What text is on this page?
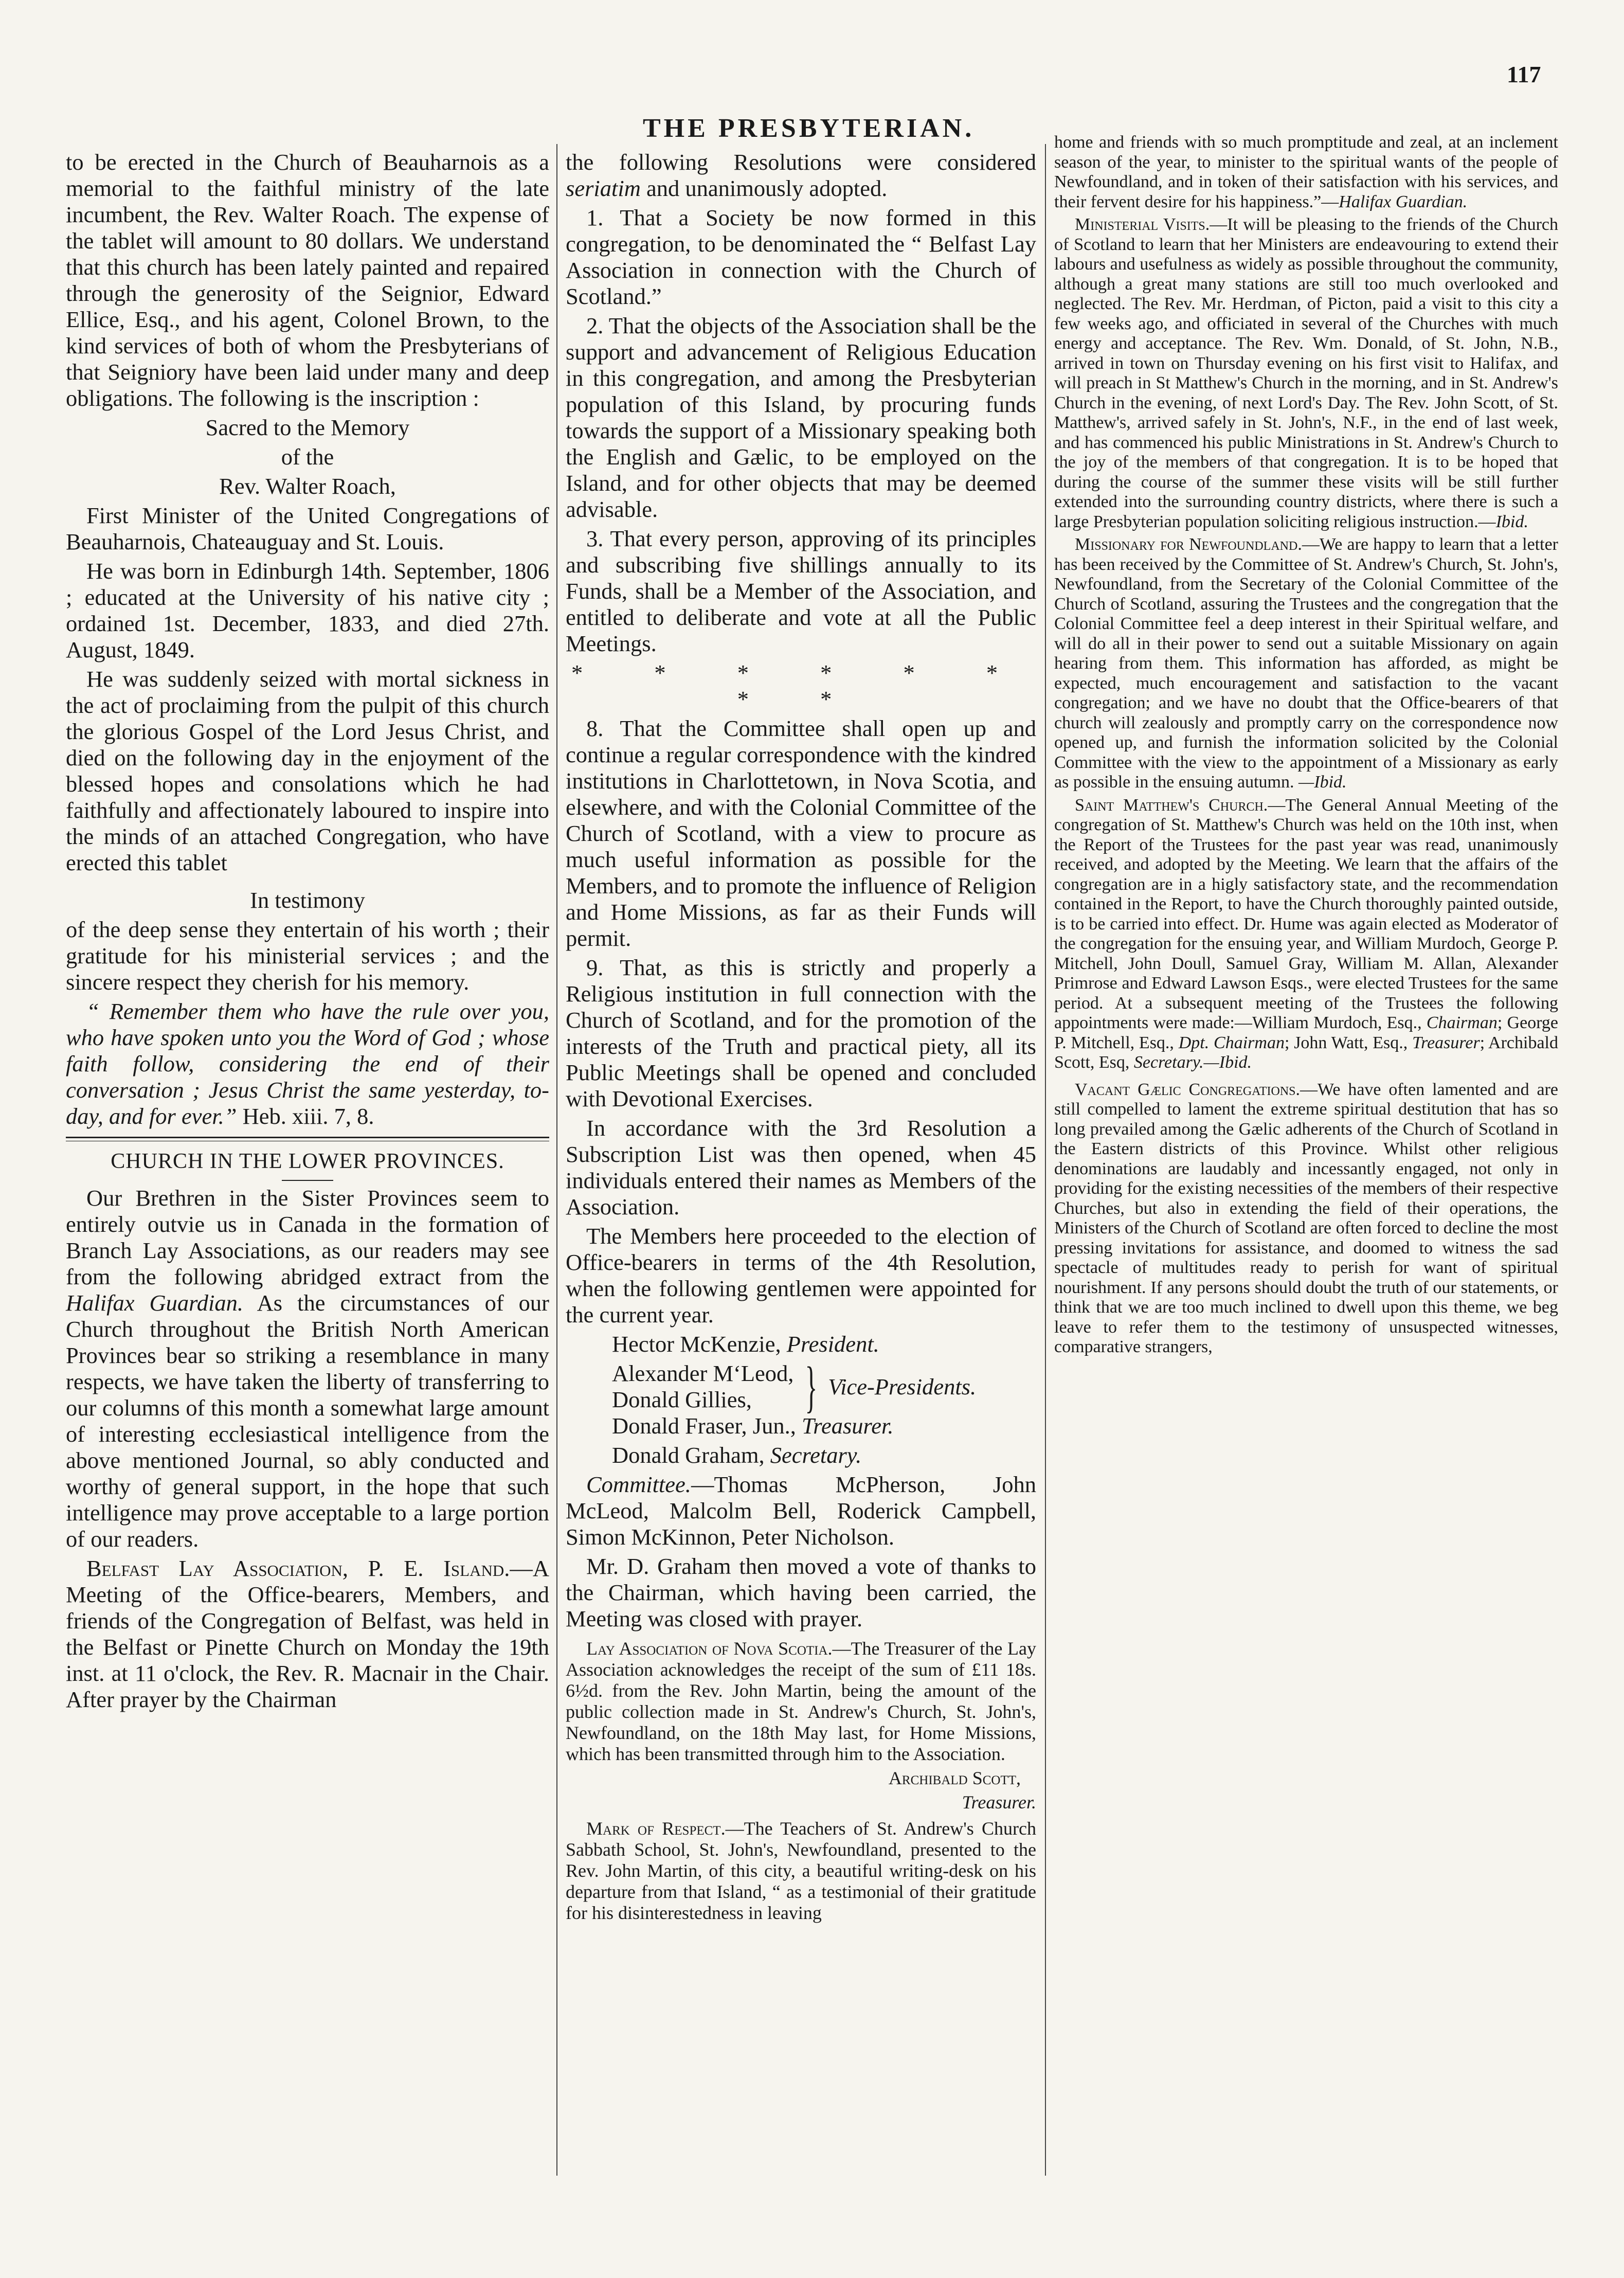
117
THE PRESBYTERIAN.

to be erected in the Church of Beauharnois as a memorial to the faithful ministry of the late incumbent, the Rev. Walter Roach. The expense of the tablet will amount to 80 dollars. We understand that this church has been lately painted and repaired through the generosity of the Seignior, Edward Ellice, Esq., and his agent, Colonel Brown, to the kind services of both of whom the Presbyterians of that Seigniory have been laid under many and deep obligations. The following is the inscription :

Sacred to the Memory

of the

Rev. Walter Roach,

First Minister of the United Congregations of Beauharnois, Chateauguay and St. Louis.

He was born in Edinburgh 14th. September, 1806 ; educated at the University of his native city ; ordained 1st. December, 1833, and died 27th. August, 1849.

He was suddenly seized with mortal sickness in the act of proclaiming from the pulpit of this church the glorious Gospel of the Lord Jesus Christ, and died on the following day in the enjoyment of the blessed hopes and consolations which he had faithfully and affectionately laboured to inspire into the minds of an attached Congregation, who have erected this tablet

In testimony

of the deep sense they entertain of his worth ; their gratitude for his ministerial services ; and the sincere respect they cherish for his memory.

“ Remember them who have the rule over you, who have spoken unto you the Word of God ; whose faith follow, considering the end of their conversation ; Jesus Christ the same yesterday, to-day, and for ever.” Heb. xiii. 7, 8.

CHURCH IN THE LOWER PROVINCES.

Our Brethren in the Sister Provinces seem to entirely outvie us in Canada in the formation of Branch Lay Associations, as our readers may see from the following abridged extract from the Halifax Guardian. As the circumstances of our Church throughout the British North American Provinces bear so striking a resemblance in many respects, we have taken the liberty of transferring to our columns of this month a somewhat large amount of interesting ecclesiastical intelligence from the above mentioned Journal, so ably conducted and worthy of general support, in the hope that such intelligence may prove acceptable to a large portion of our readers.

Belfast Lay Association, P. E. Island.—A Meeting of the Office-bearers, Members, and friends of the Congregation of Belfast, was held in the Belfast or Pinette Church on Monday the 19th inst. at 11 o'clock, the Rev. R. Macnair in the Chair. After prayer by the Chairman

the following Resolutions were considered seriatim and unanimously adopted.

1. That a Society be now formed in this congregation, to be denominated the “ Belfast Lay Association in connection with the Church of Scotland.”

2. That the objects of the Association shall be the support and advancement of Religious Education in this congregation, and among the Presbyterian population of this Island, by procuring funds towards the support of a Missionary speaking both the English and Gælic, to be employed on the Island, and for other objects that may be deemed advisable.

3. That every person, approving of its principles and subscribing five shillings annually to its Funds, shall be a Member of the Association, and entitled to deliberate and vote at all the Public Meetings.

* * * * * * * *

8. That the Committee shall open up and continue a regular correspondence with the kindred institutions in Charlottetown, in Nova Scotia, and elsewhere, and with the Colonial Committee of the Church of Scotland, with a view to procure as much useful information as possible for the Members, and to promote the influence of Religion and Home Missions, as far as their Funds will permit.

9. That, as this is strictly and properly a Religious institution in full connection with the Church of Scotland, and for the promotion of the interests of the Truth and practical piety, all its Public Meetings shall be opened and concluded with Devotional Exercises.

In accordance with the 3rd Resolution a Subscription List was then opened, when 45 individuals entered their names as Members of the Association.

The Members here proceeded to the election of Office-bearers in terms of the 4th Resolution, when the following gentlemen were appointed for the current year.

Hector McKenzie, President.

Alexander M‘Leod,
Donald Gillies, } Vice-Presidents.

Donald Fraser, Jun., Treasurer.

Donald Graham, Secretary.

Committee.—Thomas McPherson, John McLeod, Malcolm Bell, Roderick Campbell, Simon McKinnon, Peter Nicholson.

Mr. D. Graham then moved a vote of thanks to the Chairman, which having been carried, the Meeting was closed with prayer.

Lay Association of Nova Scotia.—The Treasurer of the Lay Association acknowledges the receipt of the sum of £11 18s. 6½d. from the Rev. John Martin, being the amount of the public collection made in St. Andrew's Church, St. John's, Newfoundland, on the 18th May last, for Home Missions, which has been transmitted through him to the Association.

Archibald Scott,

Treasurer.

Mark of Respect.—The Teachers of St. Andrew's Church Sabbath School, St. John's, Newfoundland, presented to the Rev. John Martin, of this city, a beautiful writing-desk on his departure from that Island, “ as a testimonial of their gratitude for his disinterestedness in leaving

home and friends with so much promptitude and zeal, at an inclement season of the year, to minister to the spiritual wants of the people of Newfoundland, and in token of their satisfaction with his services, and their fervent desire for his happiness.”—Halifax Guardian.

Ministerial Visits.—It will be pleasing to the friends of the Church of Scotland to learn that her Ministers are endeavouring to extend their labours and usefulness as widely as possible throughout the community, although a great many stations are still too much overlooked and neglected. The Rev. Mr. Herdman, of Picton, paid a visit to this city a few weeks ago, and officiated in several of the Churches with much energy and acceptance. The Rev. Wm. Donald, of St. John, N.B., arrived in town on Thursday evening on his first visit to Halifax, and will preach in St Matthew's Church in the morning, and in St. Andrew's Church in the evening, of next Lord's Day. The Rev. John Scott, of St. Matthew's, arrived safely in St. John's, N.F., in the end of last week, and has commenced his public Ministrations in St. Andrew's Church to the joy of the members of that congregation. It is to be hoped that during the course of the summer these visits will be still further extended into the surrounding country districts, where there is such a large Presbyterian population soliciting religious instruction.—Ibid.

Missionary for Newfoundland.—We are happy to learn that a letter has been received by the Committee of St. Andrew's Church, St. John's, Newfoundland, from the Secretary of the Colonial Committee of the Church of Scotland, assuring the Trustees and the congregation that the Colonial Committee feel a deep interest in their Spiritual welfare, and will do all in their power to send out a suitable Missionary on again hearing from them. This information has afforded, as might be expected, much encouragement and satisfaction to the vacant congregation; and we have no doubt that the Office-bearers of that church will zealously and promptly carry on the correspondence now opened up, and furnish the information solicited by the Colonial Committee with the view to the appointment of a Missionary as early as possible in the ensuing autumn. —Ibid.

Saint Matthew's Church.—The General Annual Meeting of the congregation of St. Matthew's Church was held on the 10th inst, when the Report of the Trustees for the past year was read, unanimously received, and adopted by the Meeting. We learn that the affairs of the congregation are in a higly satisfactory state, and the recommendation contained in the Report, to have the Church thoroughly painted outside, is to be carried into effect. Dr. Hume was again elected as Moderator of the congregation for the ensuing year, and William Murdoch, George P. Mitchell, John Doull, Samuel Gray, William M. Allan, Alexander Primrose and Edward Lawson Esqs., were elected Trustees for the same period. At a subsequent meeting of the Trustees the following appointments were made:—William Murdoch, Esq., Chairman; George P. Mitchell, Esq., Dpt. Chairman; John Watt, Esq., Treasurer; Archibald Scott, Esq, Secretary.—Ibid.

Vacant Gælic Congregations.—We have often lamented and are still compelled to lament the extreme spiritual destitution that has so long prevailed among the Gælic adherents of the Church of Scotland in the Eastern districts of this Province. Whilst other religious denominations are laudably and incessantly engaged, not only in providing for the existing necessities of the members of their respective Churches, but also in extending the field of their operations, the Ministers of the Church of Scotland are often forced to decline the most pressing invitations for assistance, and doomed to witness the sad spectacle of multitudes ready to perish for want of spiritual nourishment. If any persons should doubt the truth of our statements, or think that we are too much inclined to dwell upon this theme, we beg leave to refer them to the testimony of unsuspected witnesses, comparative strangers,
